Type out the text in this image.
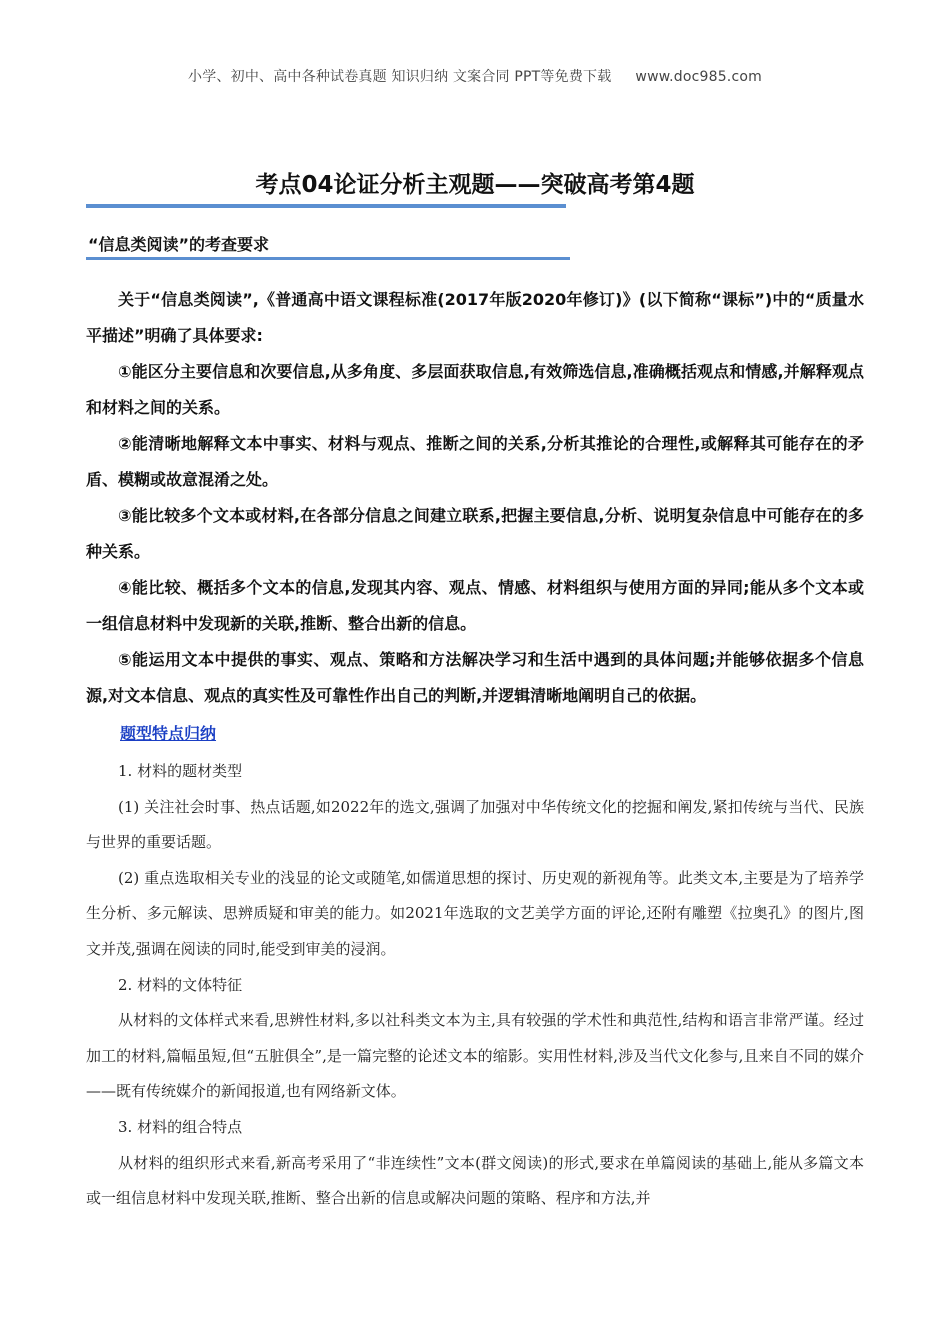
小学、初中、高中各种试卷真题 知识归纳 文案合同 PPT等免费下载 www.doc985.com
考点04论证分析主观题——突破高考第4题
“信息类阅读”的考查要求

关于“信息类阅读”,《普通高中语文课程标准(2017年版2020年修订)》(以下简称“课标”)中的“质量水平描述”明确了具体要求:

①能区分主要信息和次要信息,从多角度、多层面获取信息,有效筛选信息,准确概括观点和情感,并解释观点和材料之间的关系。

②能清晰地解释文本中事实、材料与观点、推断之间的关系,分析其推论的合理性,或解释其可能存在的矛盾、模糊或故意混淆之处。

③能比较多个文本或材料,在各部分信息之间建立联系,把握主要信息,分析、说明复杂信息中可能存在的多种关系。

④能比较、概括多个文本的信息,发现其内容、观点、情感、材料组织与使用方面的异同;能从多个文本或一组信息材料中发现新的关联,推断、整合出新的信息。

⑤能运用文本中提供的事实、观点、策略和方法解决学习和生活中遇到的具体问题;并能够依据多个信息源,对文本信息、观点的真实性及可靠性作出自己的判断,并逻辑清晰地阐明自己的依据。

题型特点归纳

1. 材料的题材类型

(1) 关注社会时事、热点话题,如2022年的选文,强调了加强对中华传统文化的挖掘和阐发,紧扣传统与当代、民族与世界的重要话题。

(2) 重点选取相关专业的浅显的论文或随笔,如儒道思想的探讨、历史观的新视角等。此类文本,主要是为了培养学生分析、多元解读、思辨质疑和审美的能力。如2021年选取的文艺美学方面的评论,还附有雕塑《拉奥孔》的图片,图文并茂,强调在阅读的同时,能受到审美的浸润。

2. 材料的文体特征

从材料的文体样式来看,思辨性材料,多以社科类文本为主,具有较强的学术性和典范性,结构和语言非常严谨。经过加工的材料,篇幅虽短,但“五脏俱全”,是一篇完整的论述文本的缩影。实用性材料,涉及当代文化参与,且来自不同的媒介——既有传统媒介的新闻报道,也有网络新文体。

3. 材料的组合特点

从材料的组织形式来看,新高考采用了“非连续性”文本(群文阅读)的形式,要求在单篇阅读的基础上,能从多篇文本或一组信息材料中发现关联,推断、整合出新的信息或解决问题的策略、程序和方法,并
